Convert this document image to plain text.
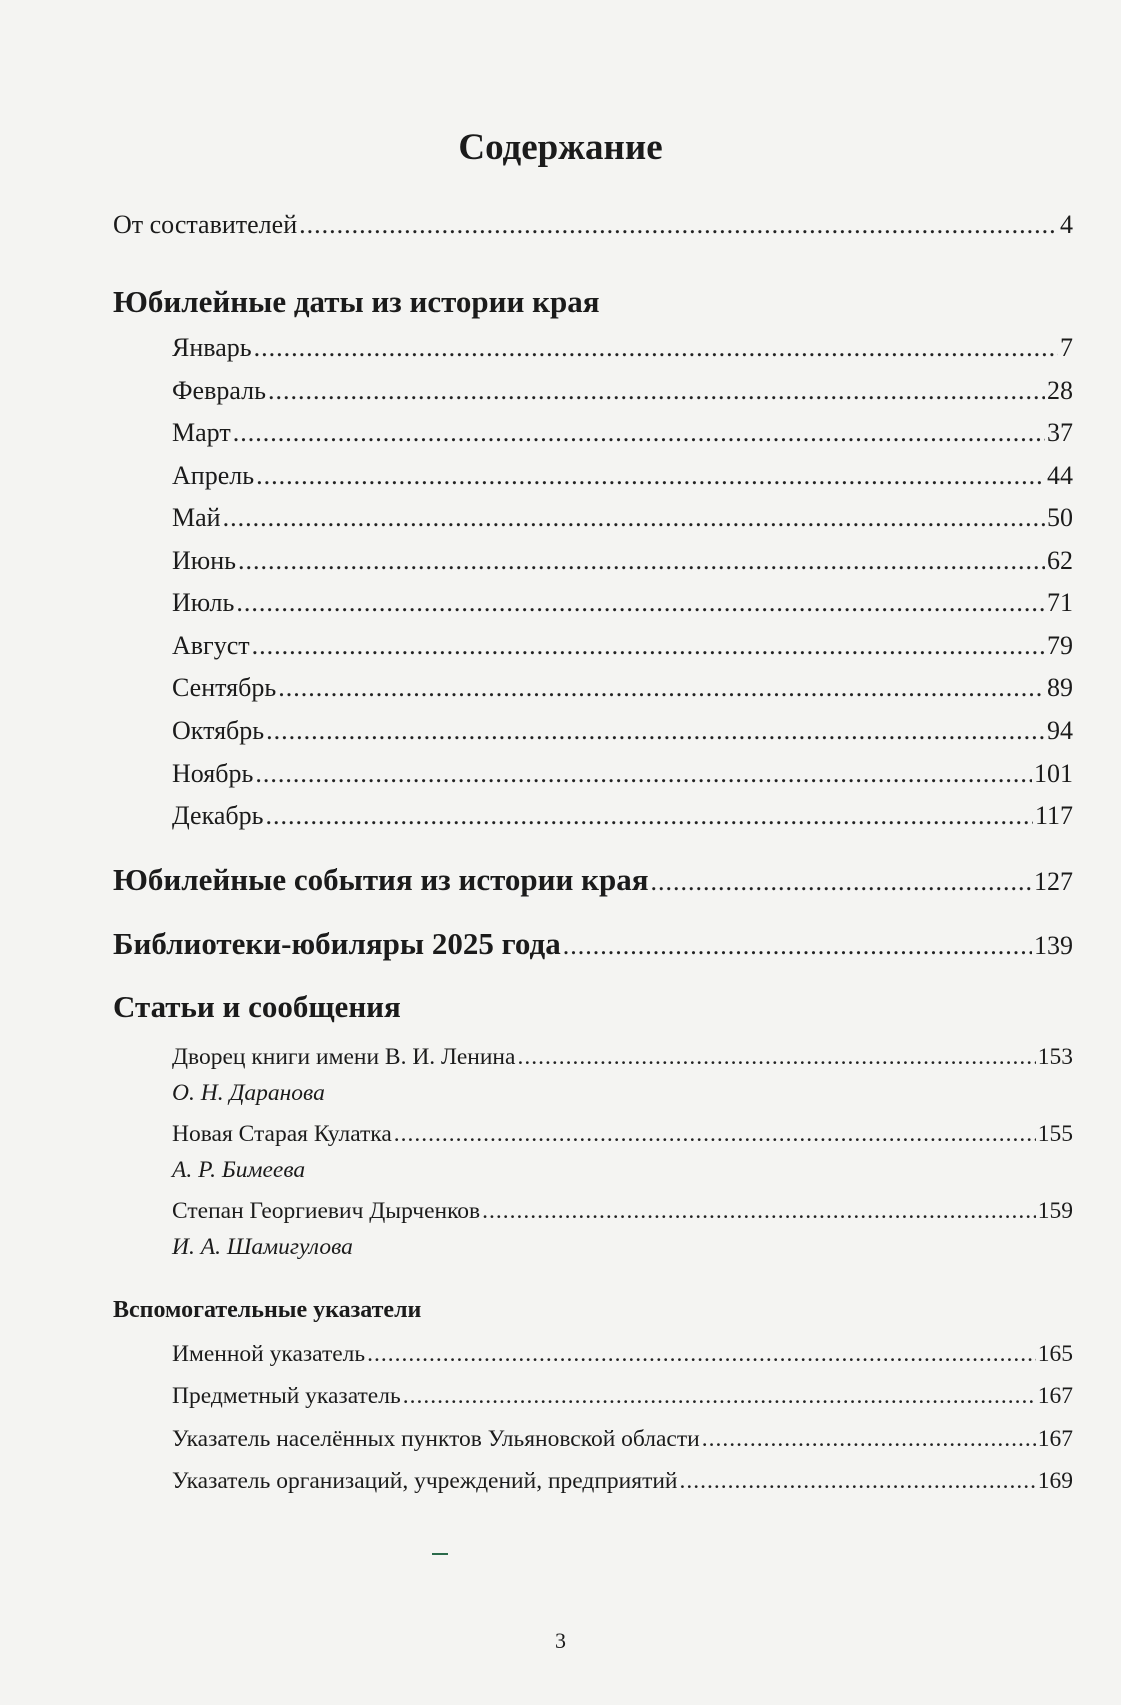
Содержание
От составителей .....	4
Юбилейные даты из истории края
Январь .....	7
Февраль .....	28
Март .....	37
Апрель .....	44
Май .....	50
Июнь .....	62
Июль .....	71
Август .....	79
Сентябрь .....	89
Октябрь .....	94
Ноябрь .....	101
Декабрь .....	117
Юбилейные события из истории края .....	127
Библиотеки-юбиляры 2025 года .....	139
Статьи и сообщения
Дворец книги имени В. И. Ленина .....	153
О. Н. Даранова
Новая Старая Кулатка .....	155
А. Р. Бимеева
Степан Георгиевич Дырченков .....	159
И. А. Шамигулова
Вспомогательные указатели
Именной указатель .....	165
Предметный указатель .....	167
Указатель населённых пунктов Ульяновской области .....	167
Указатель организаций, учреждений, предприятий .....	169
3
